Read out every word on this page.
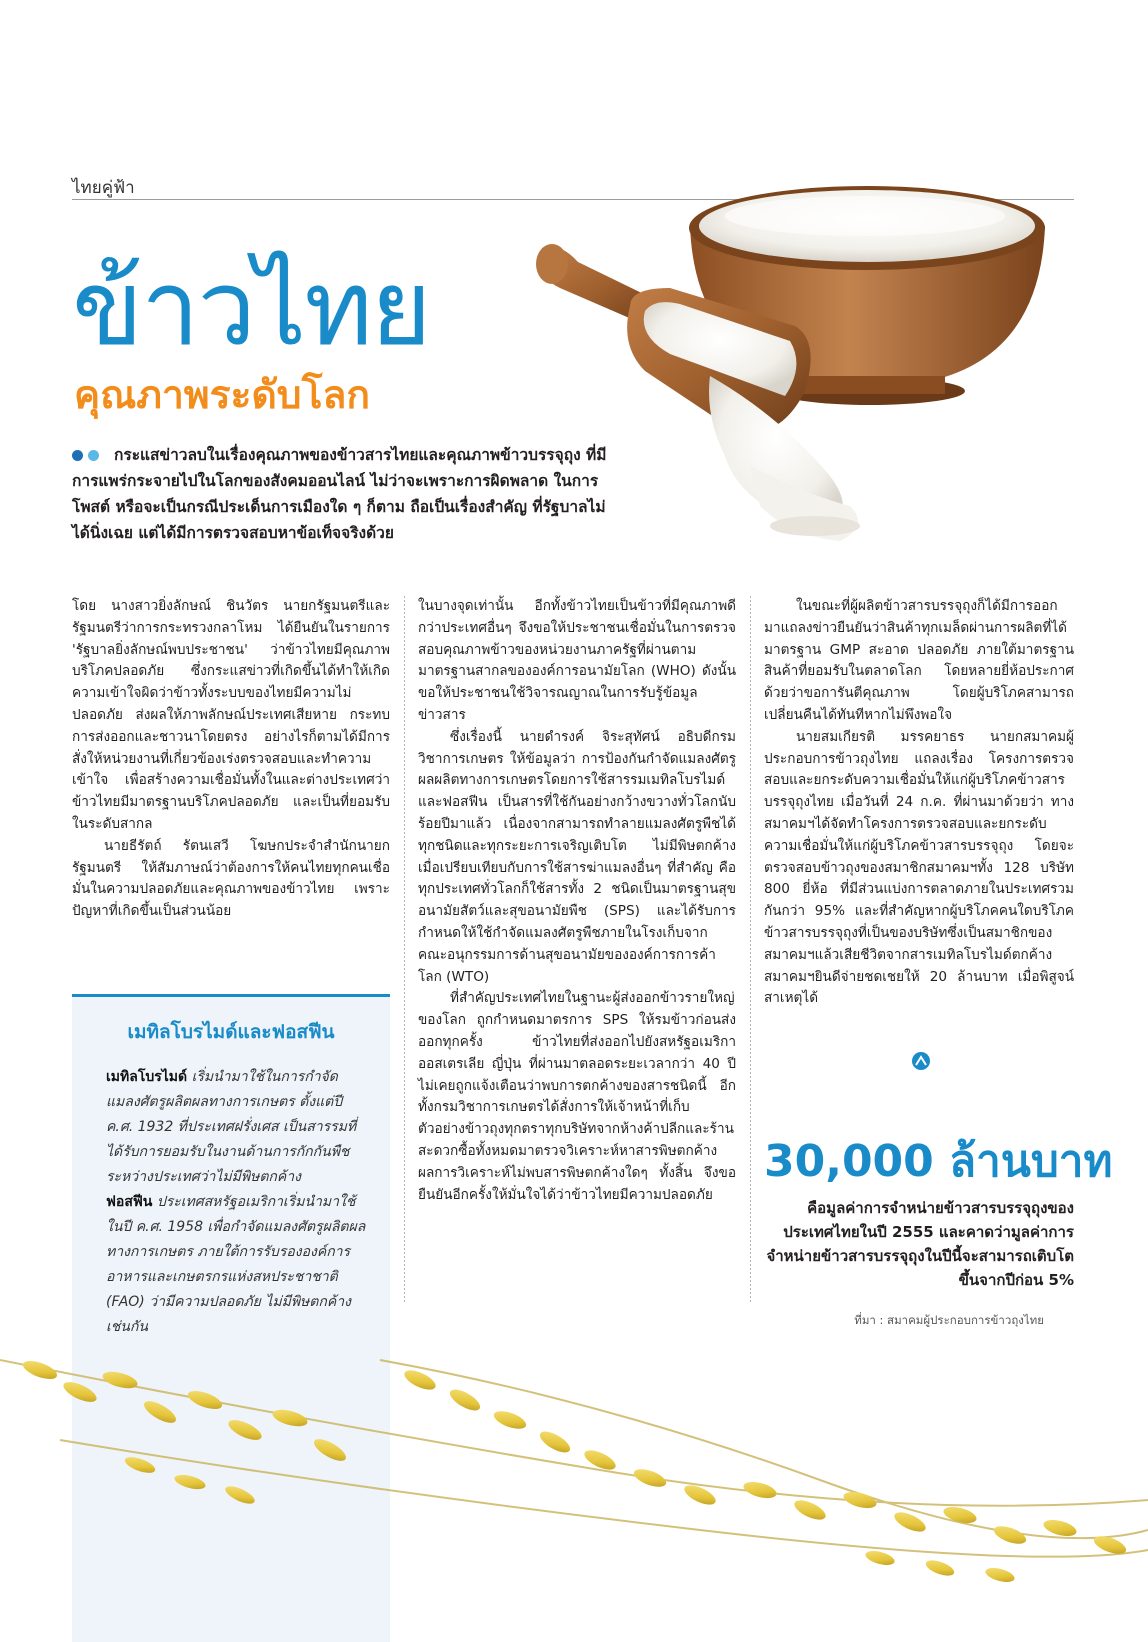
ไทยคู่ฟ้า
ข้าวไทย
คุณภาพระดับโลก
กระแสข่าวลบในเรื่องคุณภาพของข้าวสารไทยและคุณภาพข้าวบรรจุถุง ที่มีการแพร่กระจายไปในโลกของสังคมออนไลน์ ไม่ว่าจะเพราะการผิดพลาด ในการโพสต์ หรือจะเป็นกรณีประเด็นการเมืองใด ๆ ก็ตาม ถือเป็นเรื่องสำคัญ ที่รัฐบาลไม่ได้นิ่งเฉย แต่ได้มีการตรวจสอบหาข้อเท็จจริงด้วย

โดย นางสาวยิ่งลักษณ์ ชินวัตร นายกรัฐมนตรีและรัฐมนตรีว่าการกระทรวงกลาโหม ได้ยืนยันในรายการ 'รัฐบาลยิ่งลักษณ์พบประชาชน' ว่าข้าวไทยมีคุณภาพ บริโภคปลอดภัย ซึ่งกระแสข่าวที่เกิดขึ้นได้ทำให้เกิดความเข้าใจผิดว่าข้าวทั้งระบบของไทยมีความไม่ปลอดภัย ส่งผลให้ภาพลักษณ์ประเทศเสียหาย กระทบการส่งออกและชาวนาโดยตรง อย่างไรก็ตามได้มีการสั่งให้หน่วยงานที่เกี่ยวข้องเร่งตรวจสอบและทำความเข้าใจ เพื่อสร้างความเชื่อมั่นทั้งในและต่างประเทศว่าข้าวไทยมีมาตรฐานบริโภคปลอดภัย และเป็นที่ยอมรับในระดับสากล

นายธีรัตถ์ รัตนเสวี โฆษกประจำสำนักนายกรัฐมนตรี ให้สัมภาษณ์ว่าต้องการให้คนไทยทุกคนเชื่อมั่นในความปลอดภัยและคุณภาพของข้าวไทย เพราะปัญหาที่เกิดขึ้นเป็นส่วนน้อย

ในบางจุดเท่านั้น อีกทั้งข้าวไทยเป็นข้าวที่มีคุณภาพดีกว่าประเทศอื่นๆ จึงขอให้ประชาชนเชื่อมั่นในการตรวจสอบคุณภาพข้าวของหน่วยงานภาครัฐที่ผ่านตามมาตรฐานสากลขององค์การอนามัยโลก (WHO) ดังนั้นขอให้ประชาชนใช้วิจารณญาณในการรับรู้ข้อมูลข่าวสาร

ซึ่งเรื่องนี้ นายดำรงค์ จิระสุทัศน์ อธิบดีกรมวิชาการเกษตร ให้ข้อมูลว่า การป้องกันกำจัดแมลงศัตรูผลผลิตทางการเกษตรโดยการใช้สารรมเมทิลโบรไมด์และฟอสฟีน เป็นสารที่ใช้กันอย่างกว้างขวางทั่วโลกนับร้อยปีมาแล้ว เนื่องจากสามารถทำลายแมลงศัตรูพืชได้ทุกชนิดและทุกระยะการเจริญเติบโต ไม่มีพิษตกค้างเมื่อเปรียบเทียบกับการใช้สารฆ่าแมลงอื่นๆ ที่สำคัญ คือทุกประเทศทั่วโลกก็ใช้สารทั้ง 2 ชนิดเป็นมาตรฐานสุขอนามัยสัตว์และสุขอนามัยพืช (SPS) และได้รับการกำหนดให้ใช้กำจัดแมลงศัตรูพืชภายในโรงเก็บจากคณะอนุกรรมการด้านสุขอนามัยขององค์การการค้าโลก (WTO)

ที่สำคัญประเทศไทยในฐานะผู้ส่งออกข้าวรายใหญ่ของโลก ถูกกำหนดมาตรการ SPS ให้รมข้าวก่อนส่งออกทุกครั้ง ข้าวไทยที่ส่งออกไปยังสหรัฐอเมริกา ออสเตรเลีย ญี่ปุ่น ที่ผ่านมาตลอดระยะเวลากว่า 40 ปี ไม่เคยถูกแจ้งเตือนว่าพบการตกค้างของสารชนิดนี้ อีกทั้งกรมวิชาการเกษตรได้สั่งการให้เจ้าหน้าที่เก็บตัวอย่างข้าวถุงทุกตราทุกบริษัทจากห้างค้าปลีกและร้านสะดวกซื้อทั้งหมดมาตรวจวิเคราะห์หาสารพิษตกค้าง ผลการวิเคราะห์ไม่พบสารพิษตกค้างใดๆ ทั้งสิ้น จึงขอยืนยันอีกครั้งให้มั่นใจได้ว่าข้าวไทยมีความปลอดภัย

ในขณะที่ผู้ผลิตข้าวสารบรรจุถุงก็ได้มีการออกมาแถลงข่าวยืนยันว่าสินค้าทุกเมล็ดผ่านการผลิตที่ได้มาตรฐาน GMP สะอาด ปลอดภัย ภายใต้มาตรฐานสินค้าที่ยอมรับในตลาดโลก โดยหลายยี่ห้อประกาศด้วยว่าขอการันตีคุณภาพ โดยผู้บริโภคสามารถเปลี่ยนคืนได้ทันทีหากไม่พึงพอใจ

นายสมเกียรติ มรรคยาธร นายกสมาคมผู้ประกอบการข้าวถุงไทย แถลงเรื่อง โครงการตรวจสอบและยกระดับความเชื่อมั่นให้แก่ผู้บริโภคข้าวสารบรรจุถุงไทย เมื่อวันที่ 24 ก.ค. ที่ผ่านมาด้วยว่า ทางสมาคมฯได้จัดทำโครงการตรวจสอบและยกระดับความเชื่อมั่นให้แก่ผู้บริโภคข้าวสารบรรจุถุง โดยจะตรวจสอบข้าวถุงของสมาชิกสมาคมฯทั้ง 128 บริษัท 800 ยี่ห้อ ที่มีส่วนแบ่งการตลาดภายในประเทศรวมกันกว่า 95% และที่สำคัญหากผู้บริโภคคนใดบริโภคข้าวสารบรรจุถุงที่เป็นของบริษัทซึ่งเป็นสมาชิกของสมาคมฯแล้วเสียชีวิตจากสารเมทิลโบรไมด์ตกค้าง สมาคมฯยินดีจ่ายชดเชยให้ 20 ล้านบาท เมื่อพิสูจน์สาเหตุได้

เมทิลโบรไมด์และฟอสฟีน
เมทิลโบรไมด์ เริ่มนำมาใช้ในการกำจัดแมลงศัตรูผลิตผลทางการเกษตร ตั้งแต่ปี ค.ศ. 1932 ที่ประเทศฝรั่งเศส เป็นสารรมที่ได้รับการยอมรับในงานด้านการกักกันพืชระหว่างประเทศว่าไม่มีพิษตกค้าง
ฟอสฟีน ประเทศสหรัฐอเมริกาเริ่มนำมาใช้ในปี ค.ศ. 1958 เพื่อกำจัดแมลงศัตรูผลิตผลทางการเกษตร ภายใต้การรับรององค์การอาหารและเกษตรกรแห่งสหประชาชาติ (FAO) ว่ามีความปลอดภัย ไม่มีพิษตกค้างเช่นกัน
30,000 ล้านบาท
คือมูลค่าการจำหน่ายข้าวสารบรรจุถุงของประเทศไทยในปี 2555 และคาดว่ามูลค่าการจำหน่ายข้าวสารบรรจุถุงในปีนี้จะสามารถเติบโตขึ้นจากปีก่อน 5%
ที่มา : สมาคมผู้ประกอบการข้าวถุงไทย
